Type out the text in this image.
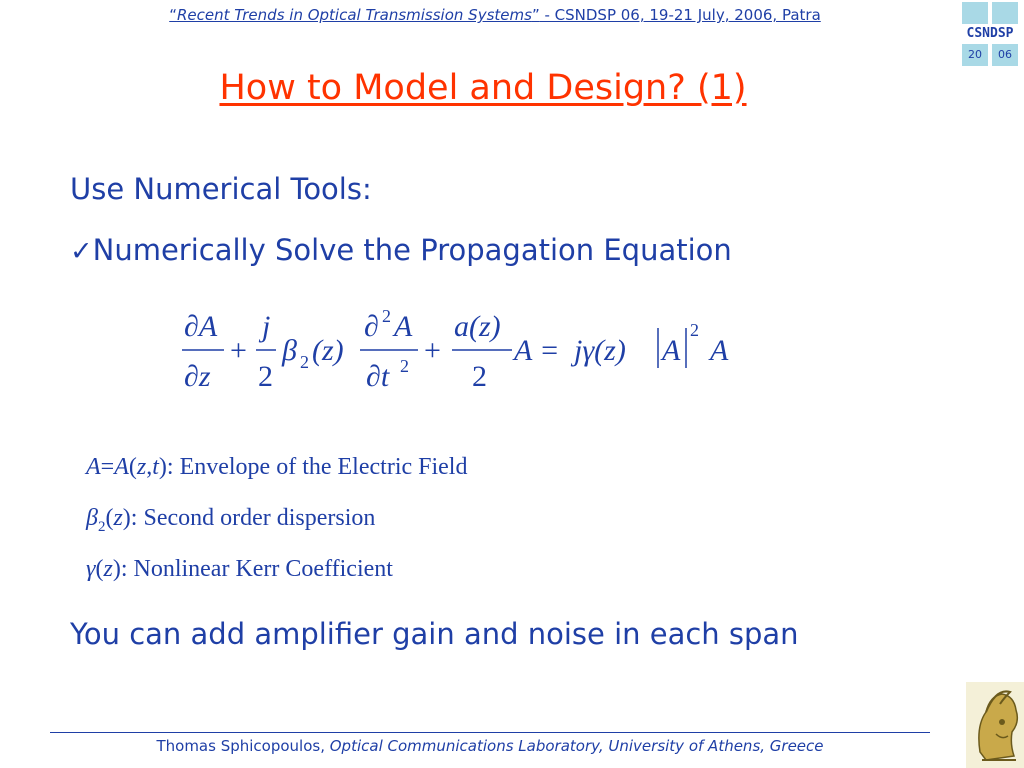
“Recent Trends in Optical Transmission Systems” - CSNDSP 06, 19-21 July, 2006, Patra
CSNDSP
20	06
How to Model and Design? (1)
Use Numerical Tools:
✓Numerically Solve the Propagation Equation
∂A
∂z
+
j
2
β 2 (z)
∂ 2 A
∂t 2 +
a(z)
2
A = jγ(z) A
2
A
A=A(z,t): Envelope of the Electric Field
$\beta_2(z)$: Second order dispersion
γ(z): Nonlinear Kerr Coefficient
You can add amplifier gain and noise in each span
Thomas Sphicopoulos, Optical Communications Laboratory, University of Athens, Greece
